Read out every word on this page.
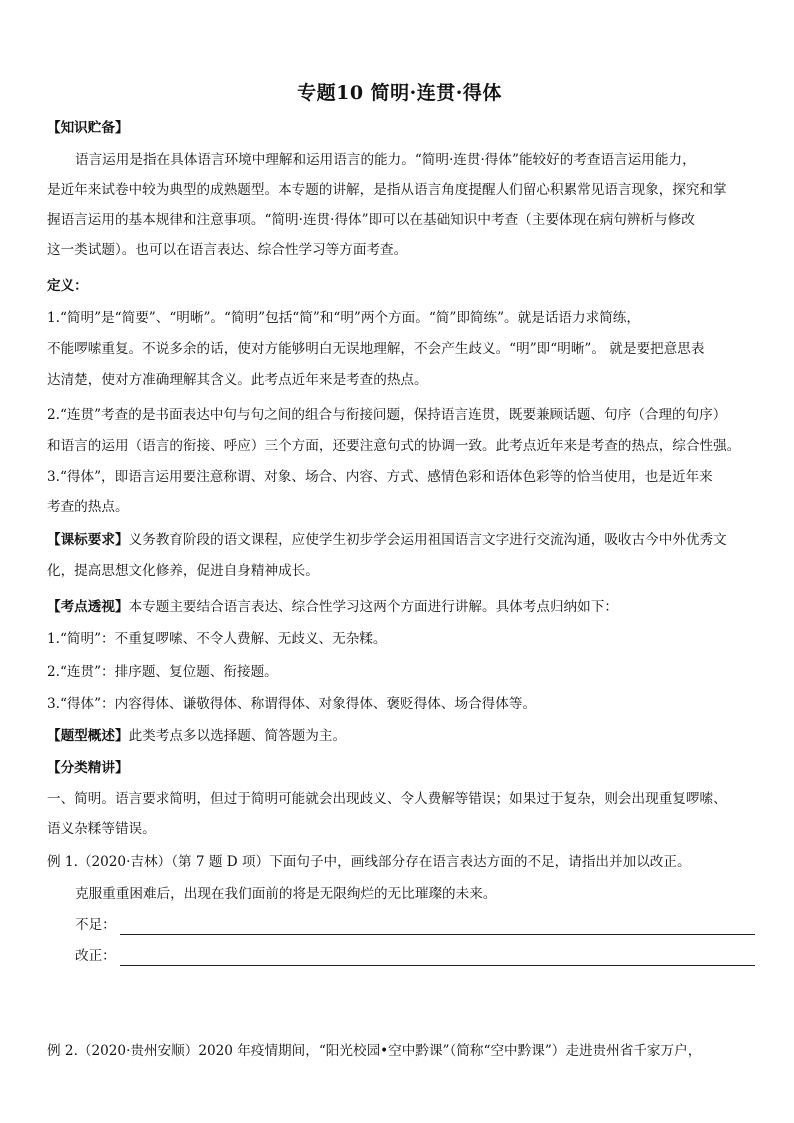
专题10 简明·连贯·得体
【知识贮备】
语言运用是指在具体语言环境中理解和运用语言的能力。“简明·连贯·得体”能较好的考查语言运用能力，
是近年来试卷中较为典型的成熟题型。本专题的讲解，是指从语言角度提醒人们留心积累常见语言现象，探究和掌
握语言运用的基本规律和注意事项。“简明·连贯·得体”即可以在基础知识中考查（主要体现在病句辨析与修改
这一类试题）。也可以在语言表达、综合性学习等方面考查。
定义：
1.“简明”是“简要”、“明晰”。“简明”包括“简”和“明”两个方面。“简”即简练”。就是话语力求简练，
不能啰嗦重复。不说多余的话，使对方能够明白无误地理解，不会产生歧义。“明”即“明晰”。 就是要把意思表
达清楚，使对方准确理解其含义。此考点近年来是考查的热点。
2.“连贯”考查的是书面表达中句与句之间的组合与衔接问题，保持语言连贯，既要兼顾话题、句序（合理的句序）
和语言的运用（语言的衔接、呼应）三个方面，还要注意句式的协调一致。此考点近年来是考查的热点，综合性强。
3.“得体”，即语言运用要注意称谓、对象、场合、内容、方式、感情色彩和语体色彩等的恰当使用，也是近年来
考查的热点。
【课标要求】义务教育阶段的语文课程，应使学生初步学会运用祖国语言文字进行交流沟通，吸收古今中外优秀文
化，提高思想文化修养，促进自身精神成长。
【考点透视】本专题主要结合语言表达、综合性学习这两个方面进行讲解。具体考点归纳如下：
1.“简明”：不重复啰嗦、不令人费解、无歧义、无杂糅。
2.“连贯”：排序题、复位题、衔接题。
3.“得体”：内容得体、谦敬得体、称谓得体、对象得体、褒贬得体、场合得体等。
【题型概述】此类考点多以选择题、简答题为主。
【分类精讲】
一、简明。语言要求简明，但过于简明可能就会出现歧义、令人费解等错误；如果过于复杂，则会出现重复啰嗦、
语义杂糅等错误。
例 1.（2020·吉林）（第 7 题 D 项）下面句子中，画线部分存在语言表达方面的不足，请指出并加以改正。
克服重重困难后，出现在我们面前的将是无限绚烂的无比璀璨的未来。
不足：
改正：
例 2.（2020·贵州安顺）2020 年疫情期间，“阳光校园•空中黔课”（简称“空中黔课”）走进贵州省千家万户，
